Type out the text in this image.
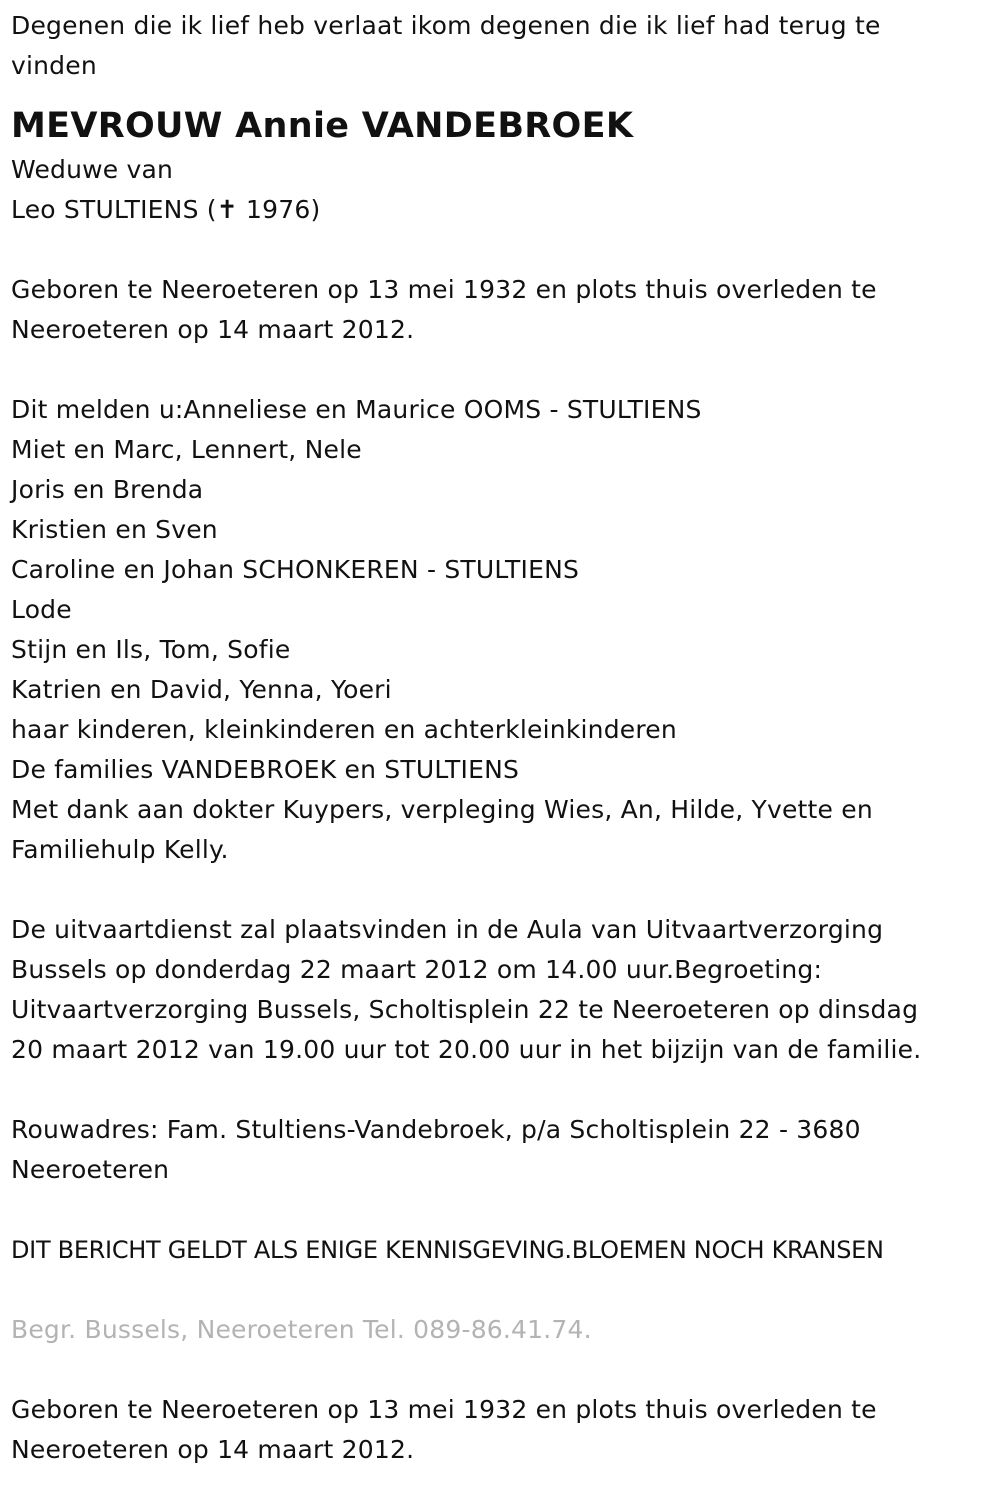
Degenen die ik lief heb verlaat ikom degenen die ik lief had terug te
vinden
MEVROUW Annie VANDEBROEK
Weduwe van
Leo STULTIENS (✝ 1976)
Geboren te Neeroeteren op 13 mei 1932 en plots thuis overleden te
Neeroeteren op 14 maart 2012.
Dit melden u:Anneliese en Maurice OOMS - STULTIENS
Miet en Marc, Lennert, Nele
Joris en Brenda
Kristien en Sven
Caroline en Johan SCHONKEREN - STULTIENS
Lode
Stijn en Ils, Tom, Sofie
Katrien en David, Yenna, Yoeri
haar kinderen, kleinkinderen en achterkleinkinderen
De families VANDEBROEK en STULTIENS
Met dank aan dokter Kuypers, verpleging Wies, An, Hilde, Yvette en
Familiehulp Kelly.
De uitvaartdienst zal plaatsvinden in de Aula van Uitvaartverzorging
Bussels op donderdag 22 maart 2012 om 14.00 uur.Begroeting:
Uitvaartverzorging Bussels, Scholtisplein 22 te Neeroeteren op dinsdag
20 maart 2012 van 19.00 uur tot 20.00 uur in het bijzijn van de familie.
Rouwadres: Fam. Stultiens-Vandebroek, p/a Scholtisplein 22 - 3680
Neeroeteren
DIT BERICHT GELDT ALS ENIGE KENNISGEVING.BLOEMEN NOCH KRANSEN
Begr. Bussels, Neeroeteren Tel. 089-86.41.74.
Geboren te Neeroeteren op 13 mei 1932 en plots thuis overleden te
Neeroeteren op 14 maart 2012.
